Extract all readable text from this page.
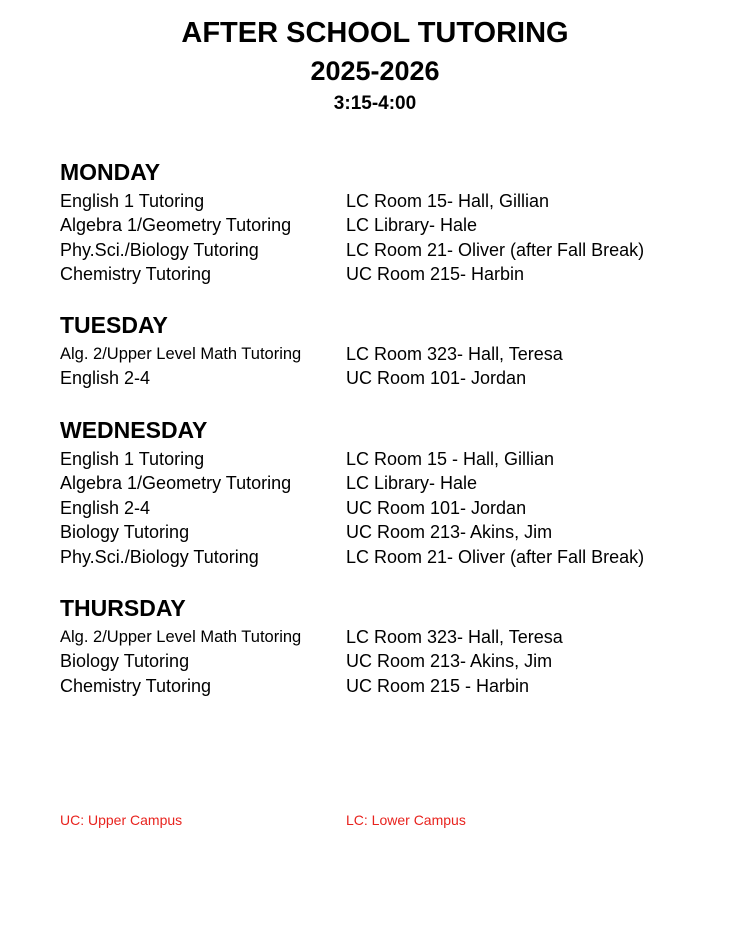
AFTER SCHOOL TUTORING

2025-2026

3:15-4:00

MONDAY

English 1 Tutoring	LC Room 15- Hall, Gillian
Algebra 1/Geometry Tutoring	LC Library- Hale
Phy.Sci./Biology Tutoring	LC Room 21- Oliver (after Fall Break)
Chemistry Tutoring	UC Room 215- Harbin

TUESDAY

Alg. 2/Upper Level Math Tutoring	LC Room 323- Hall, Teresa
English 2-4	UC Room 101- Jordan

WEDNESDAY

English 1 Tutoring	LC Room 15 - Hall, Gillian
Algebra 1/Geometry Tutoring	LC Library- Hale
English 2-4	UC Room 101- Jordan
Biology Tutoring	UC Room 213- Akins, Jim
Phy.Sci./Biology Tutoring	LC Room 21- Oliver (after Fall Break)

THURSDAY

Alg. 2/Upper Level Math Tutoring	LC Room 323- Hall, Teresa
Biology Tutoring	UC Room 213- Akins, Jim
Chemistry Tutoring	UC Room 215 - Harbin
UC: Upper Campus	LC: Lower Campus
